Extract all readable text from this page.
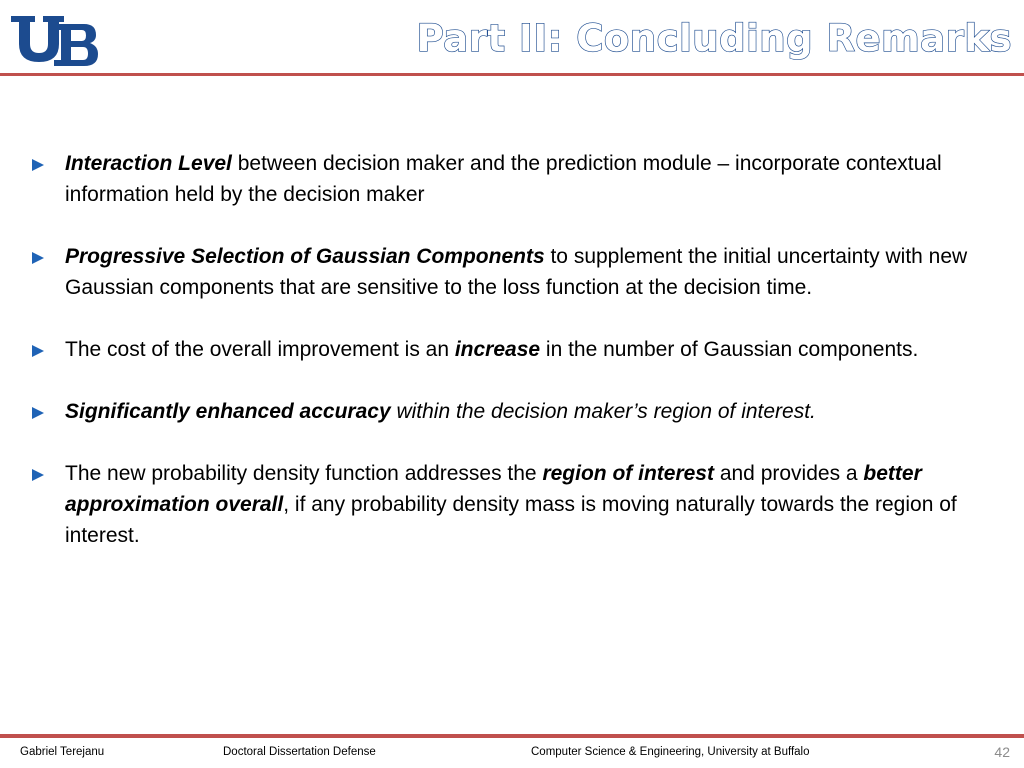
Part II: Concluding Remarks
Interaction Level between decision maker and the prediction module – incorporate contextual information held by the decision maker
Progressive Selection of Gaussian Components to supplement the initial uncertainty with new Gaussian components that are sensitive to the loss function at the decision time.
The cost of the overall improvement is an increase in the number of Gaussian components.
Significantly enhanced accuracy within the decision maker’s region of interest.
The new probability density function addresses the region of interest and provides a better approximation overall, if any probability density mass is moving naturally towards the region of interest.
Gabriel Terejanu	Doctoral Dissertation Defense	Computer Science & Engineering, University at Buffalo	42
